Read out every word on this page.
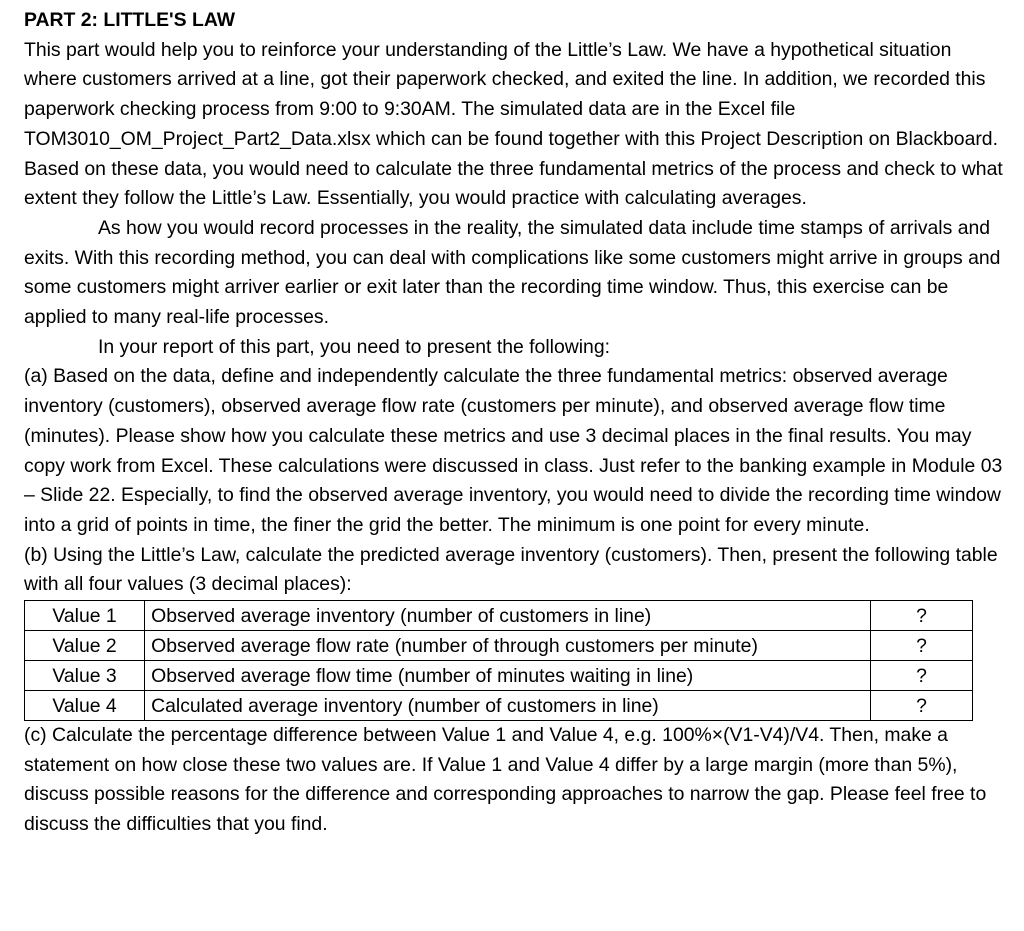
PART 2: LITTLE'S LAW

This part would help you to reinforce your understanding of the Little’s Law. We have a hypothetical situation where customers arrived at a line, got their paperwork checked, and exited the line. In addition, we recorded this paperwork checking process from 9:00 to 9:30AM. The simulated data are in the Excel file TOM3010_OM_Project_Part2_Data.xlsx which can be found together with this Project Description on Blackboard. Based on these data, you would need to calculate the three fundamental metrics of the process and check to what extent they follow the Little’s Law. Essentially, you would practice with calculating averages.

As how you would record processes in the reality, the simulated data include time stamps of arrivals and exits. With this recording method, you can deal with complications like some customers might arrive in groups and some customers might arriver earlier or exit later than the recording time window. Thus, this exercise can be applied to many real-life processes.

In your report of this part, you need to present the following:

(a) Based on the data, define and independently calculate the three fundamental metrics: observed average inventory (customers), observed average flow rate (customers per minute), and observed average flow time (minutes). Please show how you calculate these metrics and use 3 decimal places in the final results. You may copy work from Excel. These calculations were discussed in class. Just refer to the banking example in Module 03 – Slide 22. Especially, to find the observed average inventory, you would need to divide the recording time window into a grid of points in time, the finer the grid the better. The minimum is one point for every minute.

(b) Using the Little’s Law, calculate the predicted average inventory (customers). Then, present the following table with all four values (3 decimal places):

Value 1	Observed average inventory (number of customers in line)	?
Value 2	Observed average flow rate (number of through customers per minute)	?
Value 3	Observed average flow time (number of minutes waiting in line)	?
Value 4	Calculated average inventory (number of customers in line)	?

(c) Calculate the percentage difference between Value 1 and Value 4, e.g. 100%×(V1-V4)/V4. Then, make a statement on how close these two values are. If Value 1 and Value 4 differ by a large margin (more than 5%), discuss possible reasons for the difference and corresponding approaches to narrow the gap. Please feel free to discuss the difficulties that you find.
